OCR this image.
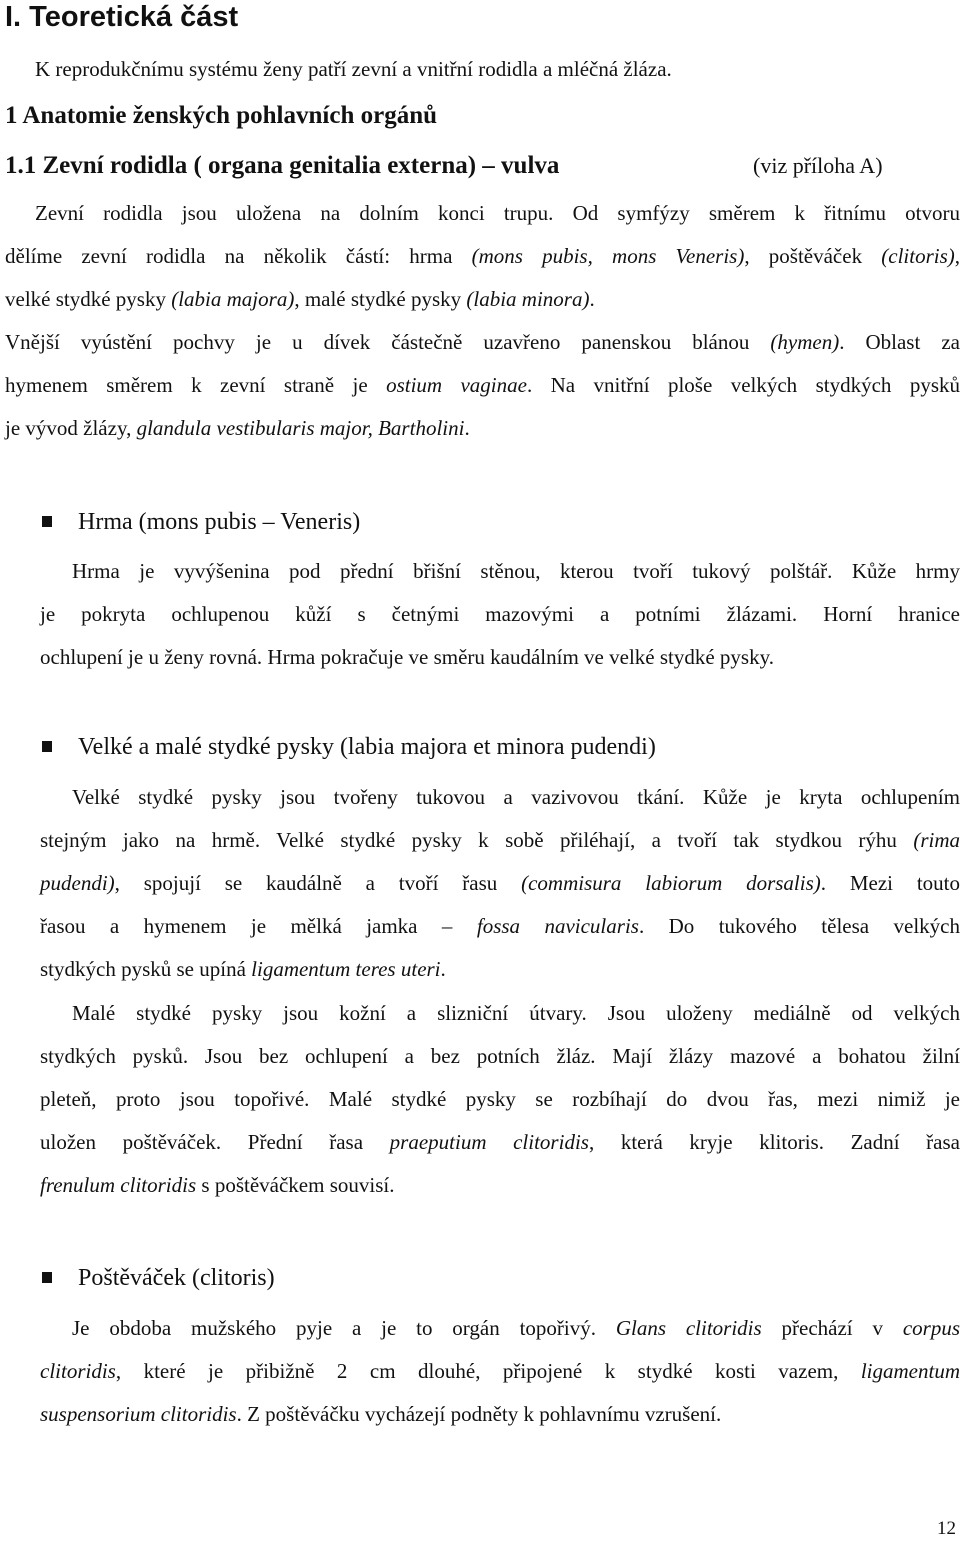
I. Teoretická část
K reprodukčnímu systému ženy patří zevní a vnitřní rodidla a mléčná žláza.
1 Anatomie ženských pohlavních orgánů
1.1 Zevní rodidla ( organa genitalia externa) – vulva	(viz příloha A)
Zevní rodidla jsou uložena na dolním konci trupu. Od symfýzy směrem k řitnímu otvoru
dělíme zevní rodidla na několik částí: hrma (mons pubis, mons Veneris), poštěváček (clitoris),
velké stydké pysky (labia majora), malé stydké pysky (labia minora).
Vnější vyústění pochvy je u dívek částečně uzavřeno panenskou blánou (hymen). Oblast za
hymenem směrem k zevní straně je ostium vaginae. Na vnitřní ploše velkých stydkých pysků
je vývod žlázy, glandula vestibularis major, Bartholini.
Hrma (mons pubis – Veneris)
Hrma je vyvýšenina pod přední břišní stěnou, kterou tvoří tukový polštář. Kůže hrmy
je pokryta ochlupenou kůží s četnými mazovými a potními žlázami. Horní hranice
ochlupení je u ženy rovná. Hrma pokračuje ve směru kaudálním ve velké stydké pysky.
Velké a malé stydké pysky (labia majora et minora pudendi)
Velké stydké pysky jsou tvořeny tukovou a vazivovou tkání. Kůže je kryta ochlupením
stejným jako na hrmě. Velké stydké pysky k sobě přiléhají, a tvoří tak stydkou rýhu (rima
pudendi), spojují se kaudálně a tvoří řasu (commisura labiorum dorsalis). Mezi touto
řasou a hymenem je mělká jamka – fossa navicularis. Do tukového tělesa velkých
stydkých pysků se upíná ligamentum teres uteri.
Malé stydké pysky jsou kožní a slizniční útvary. Jsou uloženy mediálně od velkých
stydkých pysků. Jsou bez ochlupení a bez potních žláz. Mají žlázy mazové a bohatou žilní
pleteň, proto jsou topořivé. Malé stydké pysky se rozbíhají do dvou řas, mezi nimiž je
uložen poštěváček. Přední řasa praeputium clitoridis, která kryje klitoris. Zadní řasa
frenulum clitoridis s poštěváčkem souvisí.
Poštěváček (clitoris)
Je obdoba mužského pyje a je to orgán topořivý. Glans clitoridis přechází v corpus
clitoridis, které je přibižně 2 cm dlouhé, připojené k stydké kosti vazem, ligamentum
suspensorium clitoridis. Z poštěváčku vycházejí podněty k pohlavnímu vzrušení.
12
